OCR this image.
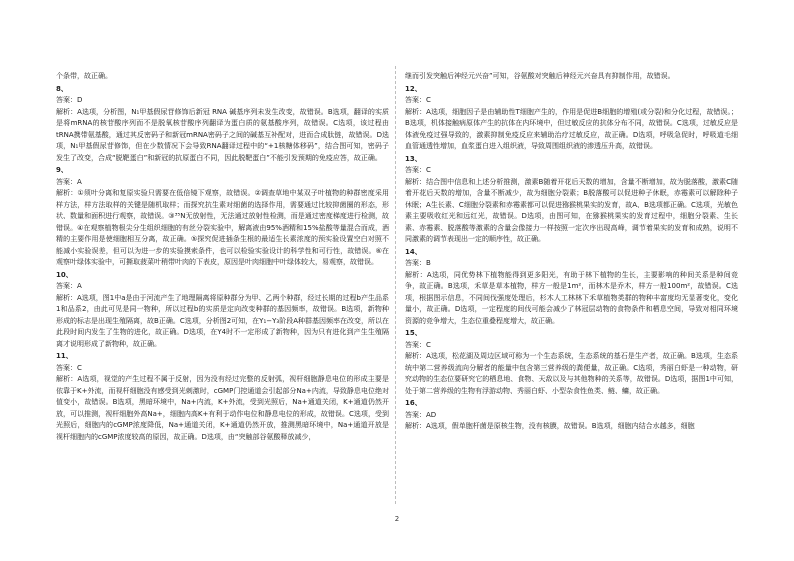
个条带，故正确。
8、
答案：D
解析：A选项，分析图，N₁甲基假尿苷修饰后新冠 RNA 碱基序列未发生改变，故错误。B选项，翻译的实质是将mRNA的核苷酸序列而不是脱氧核苷酸序列翻译为蛋白质的氨基酸序列，故错误。C选项，该过程由tRNA携带氨基酸，通过其反密码子和新冠mRNA密码子之间的碱基互补配对，进而合成肽链，故错误。D选项，N₁甲基假尿苷修饰，但在少数情况下会导致RNA翻译过程中的“+1核糖体移码”，结合图可知，密码子发生了改变，合成“脱靶蛋白”和新冠的抗原蛋白不同，因此脱靶蛋白”不能引发预期的免疫应答，故正确。
9、
答案：A
解析：①须叶分离和复原实验只需要在低倍镜下观察，故错误。②调查草地中某双子叶植物的种群密度采用样方法，样方法取样的关键是随机取样；而探究抗生素对细菌的选择作用，需要通过比较抑菌圈的形态，形状、数量和面积进行观察，故错误。③³⁵N无放射性，无法通过放射性检测，而是通过密度梯度进行检测，故错误。④在观察植物根尖分生组织细胞的有丝分裂实验中，解离液由95%酒精和15%盐酸等量混合而成，酒精的主要作用是使细胞相互分离，故正确。⑤探究促进插条生根的最适生长素浓度的预实验设置空白对照不能减小实验误差，但可以为进一步的实验摸索条件，也可以检验实验设计的科学性和可行性，故错误。⑥在观察叶绿体实验中，可撕取菠菜叶稍带叶肉的下表皮，原因是叶肉细胞中叶绿体较大，易观察，故错误。
10、
答案：A
解析：A选项，图1中a是由于河流产生了地理隔离将原种群分为甲、乙两个种群，经过长期的过程b产生品系1和品系2，由此可见是同一物种，所以过程b的实质是定向改变种群的基因频率，故错误。B选项，新物种形成的标志是出现生殖隔离，故B正确。C选项，分析图2可知，在Y₁−Y₃阶段A种群基因频率在改变，所以在此段时间内发生了生物的进化，故正确。D选项，在Y4时不一定形成了新物种，因为只有进化到产生生殖隔离才说明形成了新物种，故正确。
11、
答案：C
解析：A选项，视觉的产生过程不属于反射，因为没有经过完整的反射弧，视杆细胞静息电位的形成主要是依靠于K+外流，而视杆细胞没有感受到光刺激时，cGMP门控通道会引起部分Na+内流，导致静息电位绝对值变小，故错误。B选项，黑暗环境中，Na+内流，K+外流，受到光照后，Na+通道关闭，K+通道仍然开放，可以推测，视杆细胞外高Na+，细胞内高K+有利于动作电位和静息电位的形成，故错误。C选项，受到光照后，细胞内的cGMP浓度降低，Na+通道关闭，K+通道仍然开放，推测黑暗环境中，Na+通道开放是视杆细胞内的cGMP浓度较高的原因，故正确。D选项，由“突触部谷氨酸释放减少，
继而引发突触后神经元兴奋”可知，谷氨酸对突触后神经元兴奋具有抑制作用，故错误。
12、
答案：C
解析：A选项，细胞因子是由辅助性T细胞产生的，作用是促进B细胞的增殖(或分裂)和分化过程，故错误。；B选项，机体接触病原体产生的抗体在内环境中，但过敏反应的抗体分布不同，故错误。C选项，过敏反应是体液免疫过强导致的，激素抑制免疫反应来辅助治疗过敏反应，故正确。D选项，呼吸急促时，呼吸道毛细血管通透性增加，血浆蛋白进入组织液，导致周围组织液的渗透压升高，故错误。
13、
答案：C
解析：结合图中信息和上述分析推测，激素B随着开花后天数的增加，含量不断增加，故为脱落酸，激素C随着开花后天数的增加，含量不断减少，故为细胞分裂素；B脱落酸可以促进种子休眠，赤霉素可以解除种子休眠；A生长素、C细胞分裂素和赤霉素都可以促进猕猴桃果实的发育，故A、B选项都正确。C选项，光敏色素主要吸收红光和远红光，故错误。D选项，由图可知，在猕猴桃果实的发育过程中，细胞分裂素、生长素、赤霉素、脱落酸等激素的含量会像接力一样按照一定次序出现高峰，调节着果实的发育和成熟，说明不同激素的调节表现出一定的顺序性，故正确。
14、
答案：B
解析：A选项，同优势林下植物能得到更多阳光，有助于林下植物的生长，主要影响的种间关系是种间竞争，故正确。B选项，禾草是草本植物，样方一般是1m²，而林木是乔木，样方一般100m²，故错误。C选项，根据图示信息，不同间伐强度处理后，杉木人工林林下禾草植物类群的物种丰富度均无显著变化，变化量小，故正确。D选项，一定程度的间伐可能会减少了林冠层动物的食物条件和栖息空间，导致对相同环境资源的竞争增大，生态位重叠程度增大，故正确。
15、
答案：C
解析：A选项，松花湖及周边区域可称为一个生态系统，生态系统的基石是生产者，故正确。B选项，生态系统中第二营养级流向分解者的能量中包含第三营养级的粪便量，故正确。C选项，秀丽白虾是一种动物，研究动物的生态位要研究它的栖息地、食物、天敌以及与其他物种的关系等，故错误。D选项，据图1中可知，处于第二营养级的生物有浮游动物、秀丽白虾、小型杂食性鱼类、鲢、鳙，故正确。
16、
答案：AD
解析：A选项，假单胞杆菌是原核生物，没有核膜，故错误。B选项，细胞内结合水越多，细胞
2
